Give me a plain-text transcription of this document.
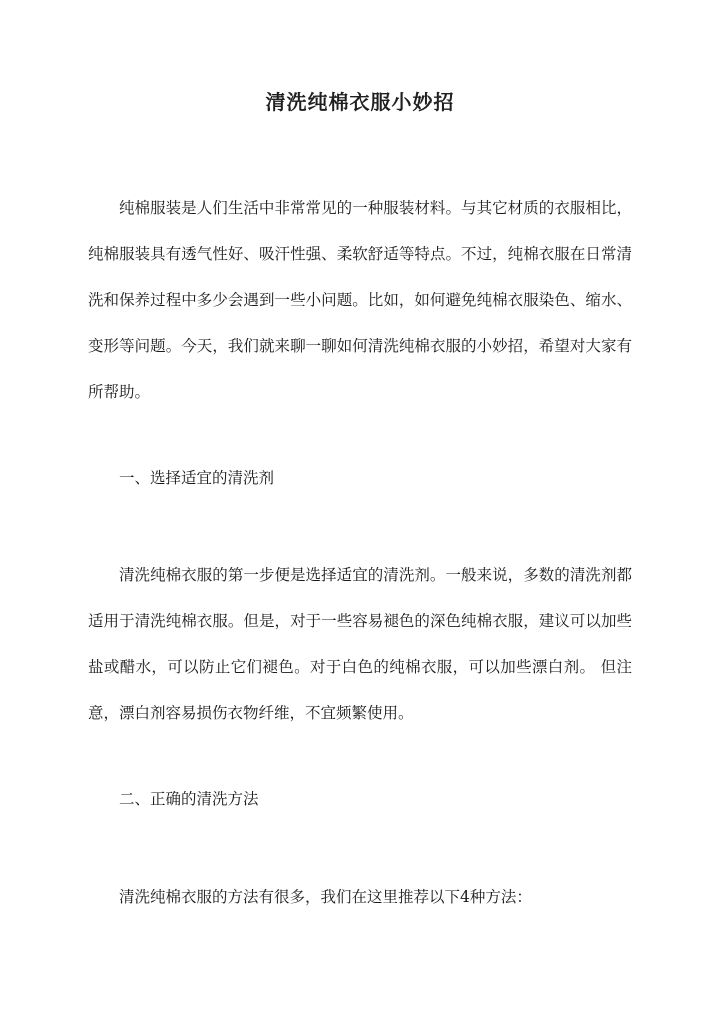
清洗纯棉衣服小妙招

纯棉服装是人们生活中非常常见的一种服装材料。与其它材质的衣服相比，纯棉服装具有透气性好、吸汗性强、柔软舒适等特点。不过，纯棉衣服在日常清洗和保养过程中多少会遇到一些小问题。比如，如何避免纯棉衣服染色、缩水、变形等问题。今天，我们就来聊一聊如何清洗纯棉衣服的小妙招，希望对大家有所帮助。

一、选择适宜的清洗剂

清洗纯棉衣服的第一步便是选择适宜的清洗剂。一般来说，多数的清洗剂都适用于清洗纯棉衣服。但是，对于一些容易褪色的深色纯棉衣服，建议可以加些盐或醋水，可以防止它们褪色。对于白色的纯棉衣服，可以加些漂白剂。 但注意，漂白剂容易损伤衣物纤维，不宜频繁使用。

二、正确的清洗方法

清洗纯棉衣服的方法有很多，我们在这里推荐以下4种方法：
